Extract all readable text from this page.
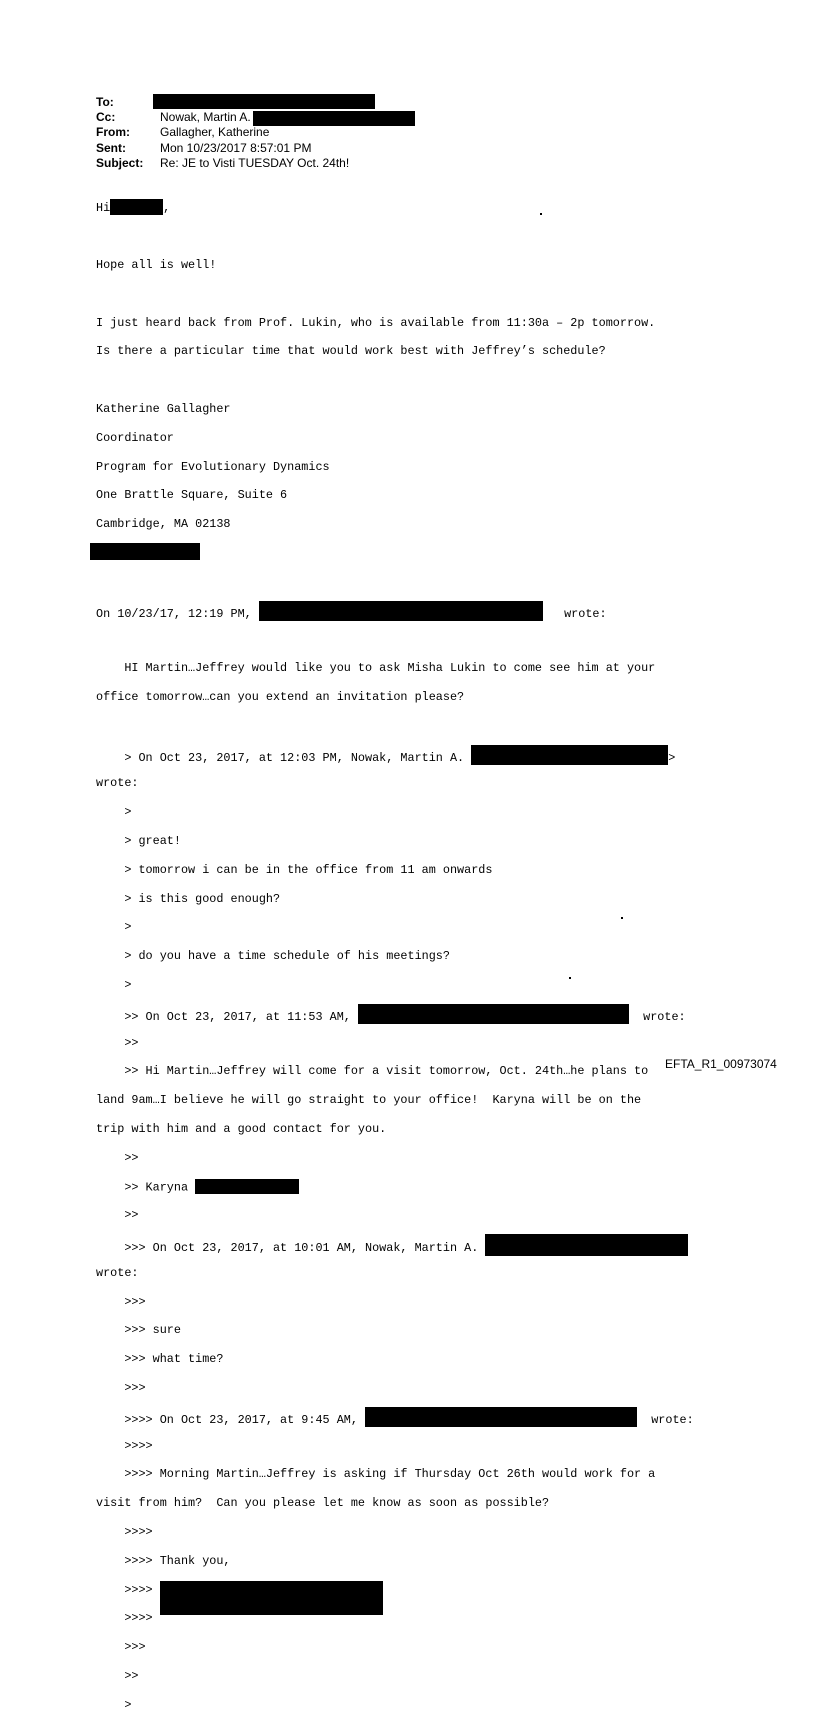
To:
Cc:	Nowak, Martin A.
From:	Gallagher, Katherine
Sent:	Mon 10/23/2017 8:57:01 PM
Subject: Re: JE to Visti TUESDAY Oct. 24th!

Hi	,

Hope all is well!

I just heard back from Prof. Lukin, who is available from 11:30a – 2p tomorrow.

Is there a particular time that would work best with Jeffrey’s schedule?

Katherine Gallagher

Coordinator

Program for Evolutionary Dynamics

One Brattle Square, Suite 6

Cambridge, MA 02138

On 10/23/17, 12:19 PM,	wrote:

HI Martin…Jeffrey would like you to ask Misha Lukin to come see him at your

office tomorrow…can you extend an invitation please?

> On Oct 23, 2017, at 12:03 PM, Nowak, Martin A.	>

wrote:

>

> great!

> tomorrow i can be in the office from 11 am onwards

> is this good enough?

>

> do you have a time schedule of his meetings?

>

>> On Oct 23, 2017, at 11:53 AM,	wrote:

>>

>> Hi Martin…Jeffrey will come for a visit tomorrow, Oct. 24th…he plans to

land 9am…I believe he will go straight to your office!  Karyna will be on the

trip with him and a good contact for you.

>>

>> Karyna

>>

>>> On Oct 23, 2017, at 10:01 AM, Nowak, Martin A.

wrote:

>>>

>>> sure

>>> what time?

>>>

>>>> On Oct 23, 2017, at 9:45 AM,	wrote:

>>>>

>>>> Morning Martin…Jeffrey is asking if Thursday Oct 26th would work for a

visit from him?  Can you please let me know as soon as possible?

>>>>

>>>> Thank you,

>>>>

>>>>

>>>

>>

>

EFTA_R1_00973074
